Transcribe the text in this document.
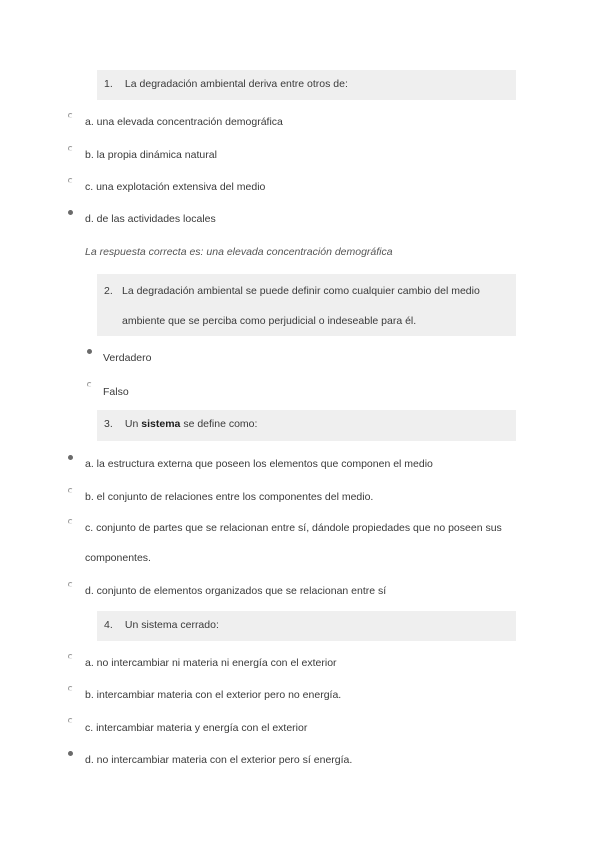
1. La degradación ambiental deriva entre otros de:
a. una elevada concentración demográfica
b. la propia dinámica natural
c. una explotación extensiva del medio
d. de las actividades locales
La respuesta correcta es: una elevada concentración demográfica
2. La degradación ambiental se puede definir como cualquier cambio del medio
ambiente que se perciba como perjudicial o indeseable para él.
Verdadero
Falso
3. Un sistema se define como:
a. la estructura externa que poseen los elementos que componen el medio
b. el conjunto de relaciones entre los componentes del medio.
c. conjunto de partes que se relacionan entre sí, dándole propiedades que no poseen sus
componentes.
d. conjunto de elementos organizados que se relacionan entre sí
4. Un sistema cerrado:
a. no intercambiar ni materia ni energía con el exterior
b. intercambiar materia con el exterior pero no energía.
c. intercambiar materia y energía con el exterior
d. no intercambiar materia con el exterior pero sí energía.
